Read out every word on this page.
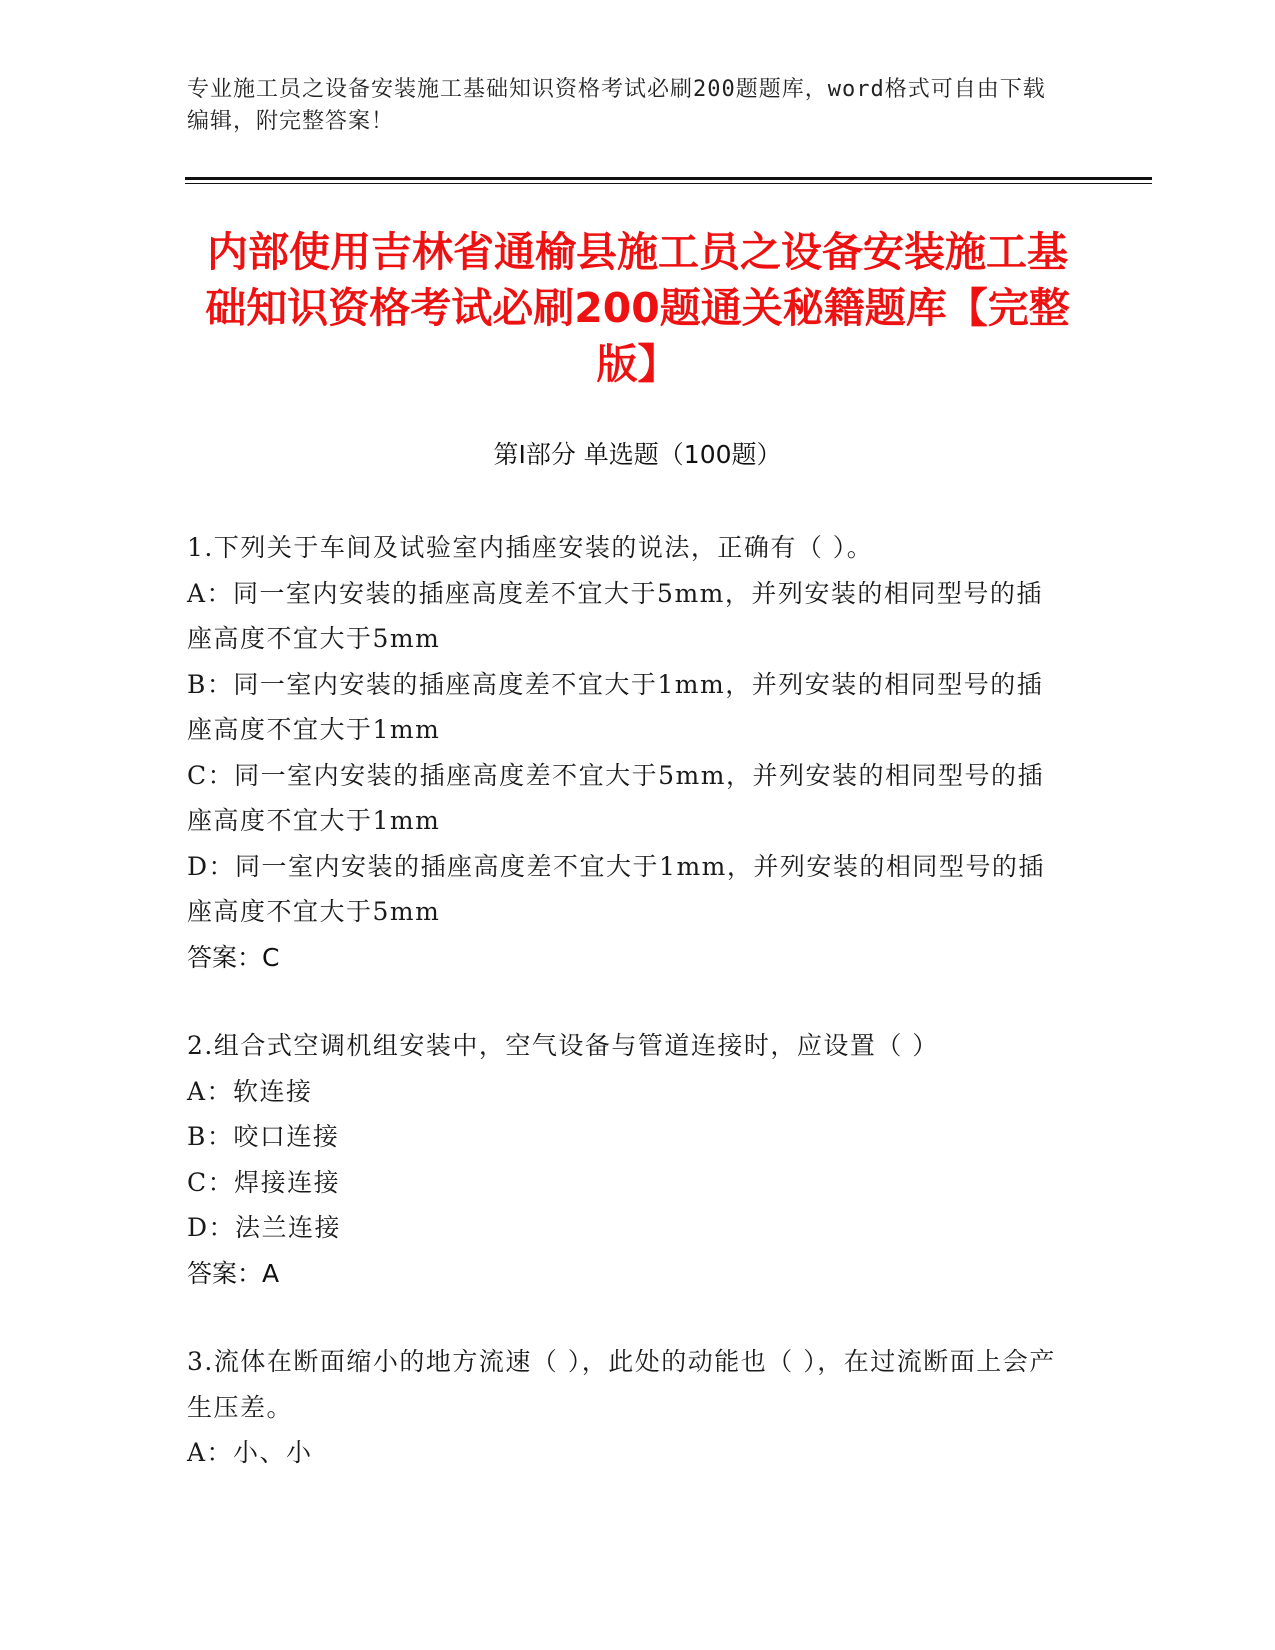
专业施工员之设备安装施工基础知识资格考试必刷200题题库，word格式可自由下载编辑，附完整答案！
内部使用吉林省通榆县施工员之设备安装施工基础知识资格考试必刷200题通关秘籍题库【完整版】
第Ⅰ部分 单选题（100题）

1.下列关于车间及试验室内插座安装的说法，正确有（ ）。

A：同一室内安装的插座高度差不宜大于5mm，并列安装的相同型号的插座高度不宜大于5mm

B：同一室内安装的插座高度差不宜大于1mm，并列安装的相同型号的插座高度不宜大于1mm

C：同一室内安装的插座高度差不宜大于5mm，并列安装的相同型号的插座高度不宜大于1mm

D：同一室内安装的插座高度差不宜大于1mm，并列安装的相同型号的插座高度不宜大于5mm

答案：C

2.组合式空调机组安装中，空气设备与管道连接时，应设置（ ）

A：软连接

B：咬口连接

C：焊接连接

D：法兰连接

答案：A

3.流体在断面缩小的地方流速（ ），此处的动能也（ ），在过流断面上会产生压差。

A：小、小
